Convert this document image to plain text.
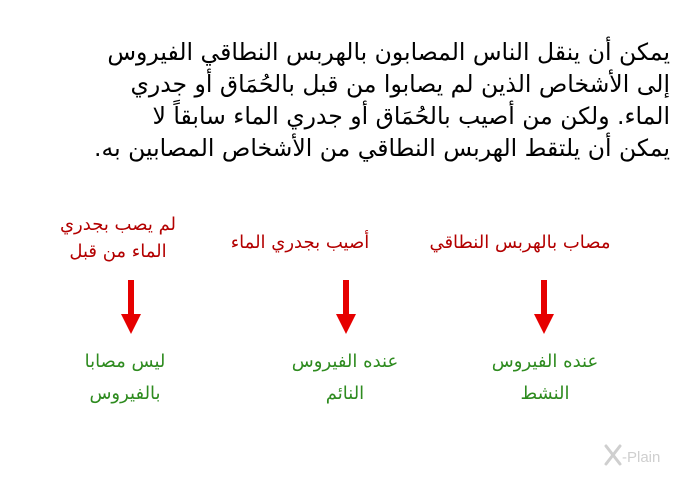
يمكن أن ينقل الناس المصابون بالهربس النطاقي الفيروس
إلى الأشخاص الذين لم يصابوا من قبل بالحُمَاق أو جدري
الماء. ولكن من أصيب بالحُمَاق أو جدري الماء سابقاً لا
يمكن أن يلتقط الهربس النطاقي من الأشخاص المصابين به.
مصاب بالهربس النطاقي
عنده الفيروس
النشط
أصيب بجدري الماء
عنده الفيروس
النائم
لم يصب بجدري
الماء من قبل
ليس مصابا
بالفيروس
-Plain
